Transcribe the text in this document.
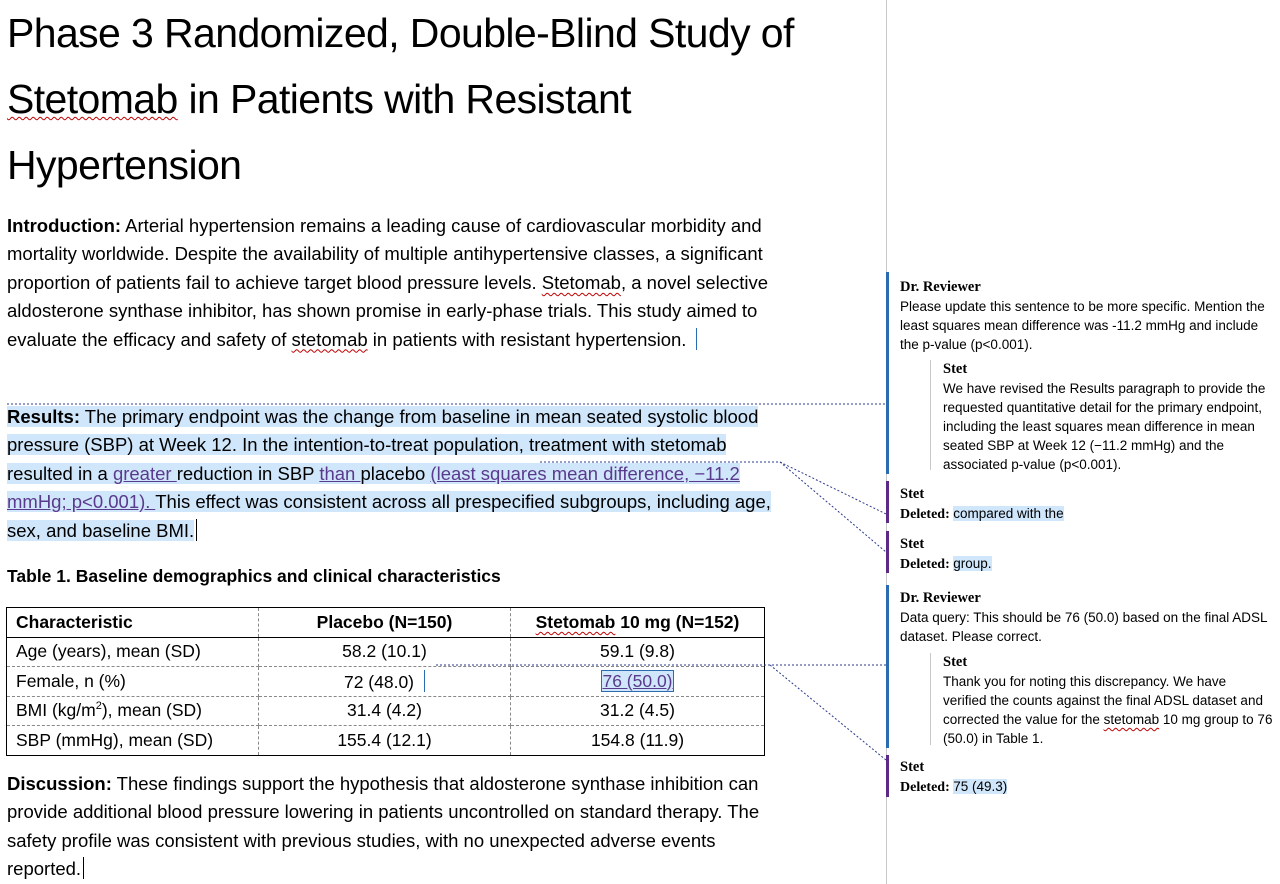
Phase 3 Randomized, Double-Blind Study of Stetomab in Patients with Resistant Hypertension

Introduction: Arterial hypertension remains a leading cause of cardiovascular morbidity and mortality worldwide. Despite the availability of multiple antihypertensive classes, a significant proportion of patients fail to achieve target blood pressure levels. Stetomab, a novel selective aldosterone synthase inhibitor, has shown promise in early-phase trials. This study aimed to evaluate the efficacy and safety of stetomab in patients with resistant hypertension.

Results: The primary endpoint was the change from baseline in mean seated systolic blood pressure (SBP) at Week 12. In the intention-to-treat population, treatment with stetomab resulted in a greater reduction in SBP than placebo (least squares mean difference, −11.2 mmHg; p<0.001). This effect was consistent across all prespecified subgroups, including age, sex, and baseline BMI.

Table 1. Baseline demographics and clinical characteristics

Characteristic	Placebo (N=150)	Stetomab 10 mg (N=152)
Age (years), mean (SD)	58.2 (10.1)	59.1 (9.8)
Female, n (%)	72 (48.0)	76 (50.0)
BMI $(kg/m^2)$, mean (SD)	31.4 (4.2)	31.2 (4.5)
SBP (mmHg), mean (SD)	155.4 (12.1)	154.8 (11.9)

Discussion: These findings support the hypothesis that aldosterone synthase inhibition can provide additional blood pressure lowering in patients uncontrolled on standard therapy. The safety profile was consistent with previous studies, with no unexpected adverse events reported.

Dr. Reviewer
Please update this sentence to be more specific. Mention the least squares mean difference was -11.2 mmHg and include the p-value (p<0.001).
Stet
We have revised the Results paragraph to provide the requested quantitative detail for the primary endpoint, including the least squares mean difference in mean seated SBP at Week 12 (−11.2 mmHg) and the associated p-value (p<0.001).
Stet
Deleted: compared with the
Stet
Deleted: group.
Dr. Reviewer
Data query: This should be 76 (50.0) based on the final ADSL dataset. Please correct.
Stet
Thank you for noting this discrepancy. We have verified the counts against the final ADSL dataset and corrected the value for the stetomab 10 mg group to 76 (50.0) in Table 1.
Stet
Deleted: 75 (49.3)
